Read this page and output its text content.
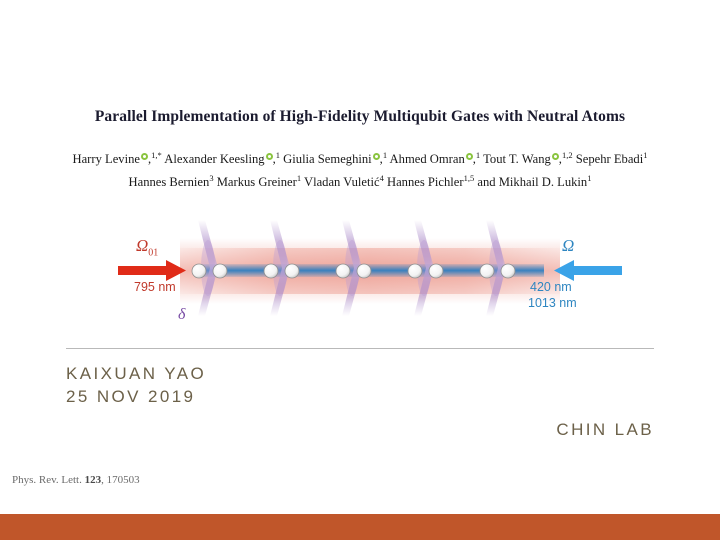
Parallel Implementation of High-Fidelity Multiqubit Gates with Neutral Atoms
Harry Levine ,$^{1,*}$ Alexander Keesling ,$^1$ Giulia Semeghini ,$^1$ Ahmed Omran ,$^1$ Tout T. Wang ,$^{1,2}$ Sepehr Ebadi$^1$
Hannes Bernien$^3$ Markus Greiner$^1$ Vladan Vuletić$^4$ Hannes Pichler$^{1,5}$ and Mikhail D. Lukin$^1$
$\Omega_{01}$
795 nm
δ
Ω
420 nm
1013 nm
KAIXUAN YAO
25 NOV 2019
CHIN LAB
Phys. Rev. Lett. 123, 170503
